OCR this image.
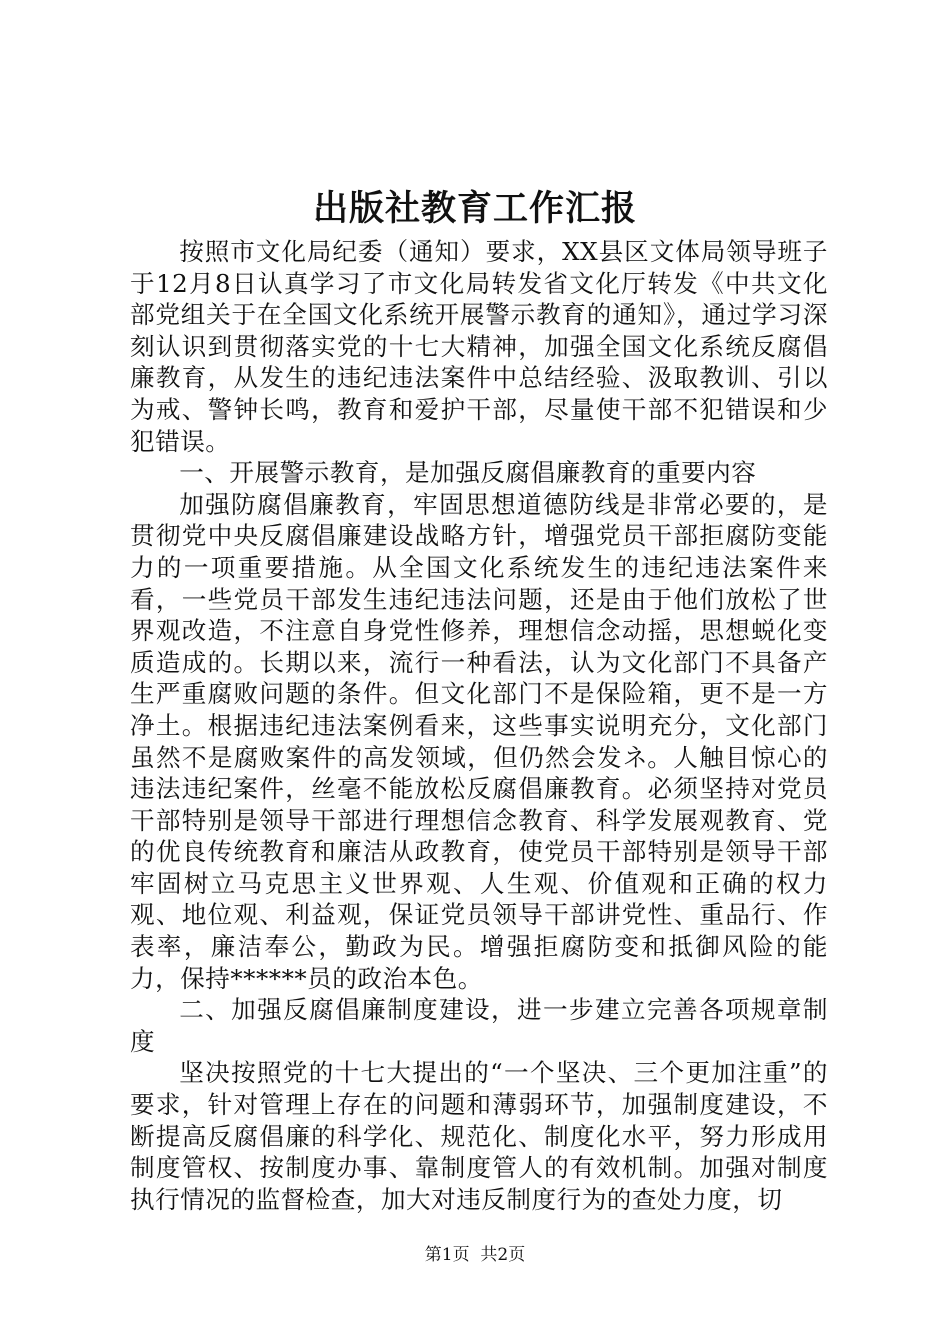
出版社教育工作汇报

按照市文化局纪委（通知）要求，XX县区文体局领导班子于12月8日认真学习了市文化局转发省文化厅转发《中共文化部党组关于在全国文化系统开展警示教育的通知》，通过学习深刻认识到贯彻落实党的十七大精神，加强全国文化系统反腐倡廉教育，从发生的违纪违法案件中总结经验、汲取教训、引以为戒、警钟长鸣，教育和爱护干部，尽量使干部不犯错误和少犯错误。

一、开展警示教育，是加强反腐倡廉教育的重要内容

加强防腐倡廉教育，牢固思想道德防线是非常必要的，是贯彻党中央反腐倡廉建设战略方针，增强党员干部拒腐防变能力的一项重要措施。从全国文化系统发生的违纪违法案件来看，一些党员干部发生违纪违法问题，还是由于他们放松了世界观改造，不注意自身党性修养，理想信念动摇，思想蜕化变质造成的。长期以来，流行一种看法，认为文化部门不具备产生严重腐败问题的条件。但文化部门不是保险箱，更不是一方净土。根据违纪违法案例看来，这些事实说明充分，文化部门虽然不是腐败案件的高发领域，但仍然会发ネ。人触目惊心的违法违纪案件，丝毫不能放松反腐倡廉教育。必须坚持对党员干部特别是领导干部进行理想信念教育、科学发展观教育、党的优良传统教育和廉洁从政教育，使党员干部特别是领导干部牢固树立马克思主义世界观、人生观、价值观和正确的权力观、地位观、利益观，保证党员领导干部讲党性、重品行、作表率，廉洁奉公，勤政为民。增强拒腐防变和抵御风险的能力，保持******员的政治本色。

二、加强反腐倡廉制度建设，进一步建立完善各项规章制度

坚决按照党的十七大提出的“一个坚决、三个更加注重”的要求，针对管理上存在的问题和薄弱环节，加强制度建设，不断提高反腐倡廉的科学化、规范化、制度化水平，努力形成用制度管权、按制度办事、靠制度管人的有效机制。加强对制度执行情况的监督检查，加大对违反制度行为的查处力度，切

第1页  共2页
